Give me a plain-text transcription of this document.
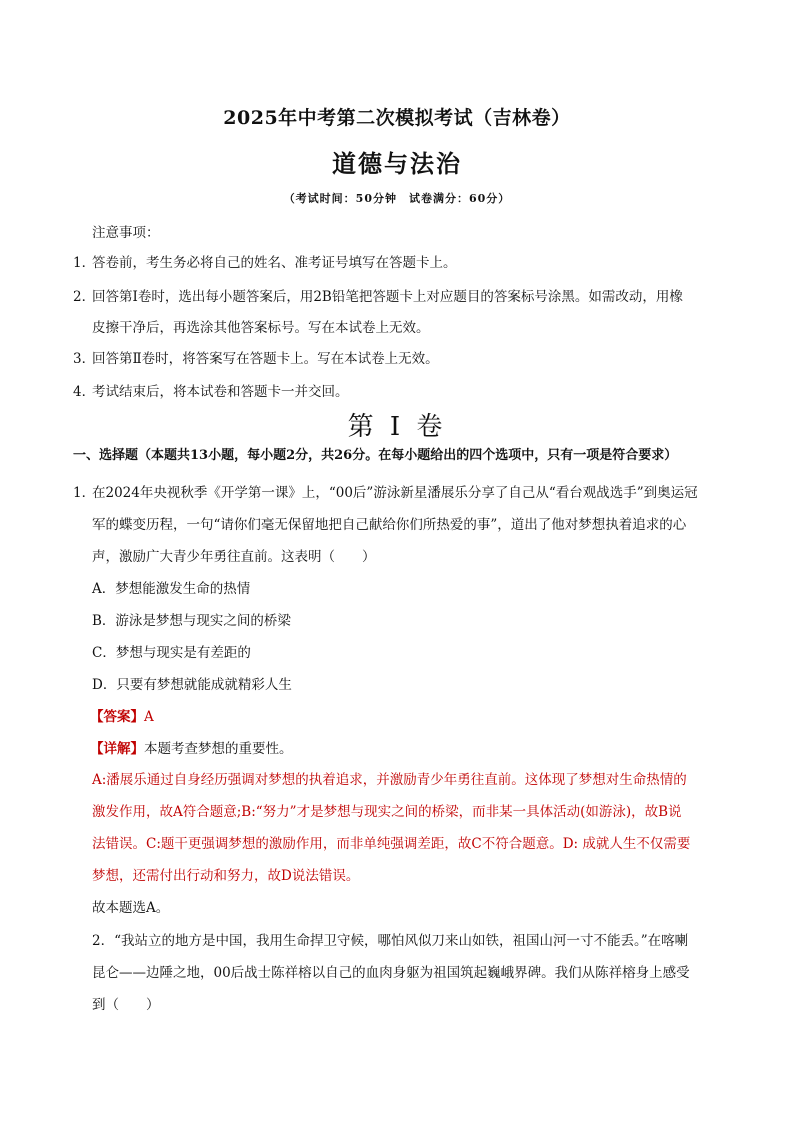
2025年中考第二次模拟考试（吉林卷）
道德与法治
（考试时间：50分钟　试卷满分：60分）
注意事项：
1．
答卷前，考生务必将自己的姓名、准考证号填写在答题卡上。
2．
回答第Ⅰ卷时，选出每小题答案后，用2B铅笔把答题卡上对应题目的答案标号涂黑。如需改动，用橡
皮擦干净后，再选涂其他答案标号。写在本试卷上无效。
3．
回答第Ⅱ卷时，将答案写在答题卡上。写在本试卷上无效。
4．
考试结束后，将本试卷和答题卡一并交回。
第 I 卷
一、选择题（本题共13小题，每小题2分，共26分。在每小题给出的四个选项中，只有一项是符合要求）
1．
在2024年央视秋季《开学第一课》上，“00后”游泳新星潘展乐分享了自己从“看台观战选手”到奥运冠
军的蝶变历程，一句“请你们毫无保留地把自己献给你们所热爱的事”，道出了他对梦想执着追求的心
声，激励广大青少年勇往直前。这表明（　　）
A．梦想能激发生命的热情
B．游泳是梦想与现实之间的桥梁
C．梦想与现实是有差距的
D．只要有梦想就能成就精彩人生
【答案】A
【详解】本题考查梦想的重要性。
A:潘展乐通过自身经历强调对梦想的执着追求，并激励青少年勇往直前。这体现了梦想对生命热情的
激发作用，故A符合题意;B:“努力”才是梦想与现实之间的桥梁，而非某一具体活动(如游泳)，故B说
法错误。C:题干更强调梦想的激励作用，而非单纯强调差距，故C不符合题意。D: 成就人生不仅需要
梦想，还需付出行动和努力，故D说法错误。
故本题选A。
2．“我站立的地方是中国，我用生命捍卫守候，哪怕风似刀来山如铁，祖国山河一寸不能丢。”在喀喇
昆仑——边陲之地，00后战士陈祥榕以自己的血肉身躯为祖国筑起巍峨界碑。我们从陈祥榕身上感受
到（　　）
